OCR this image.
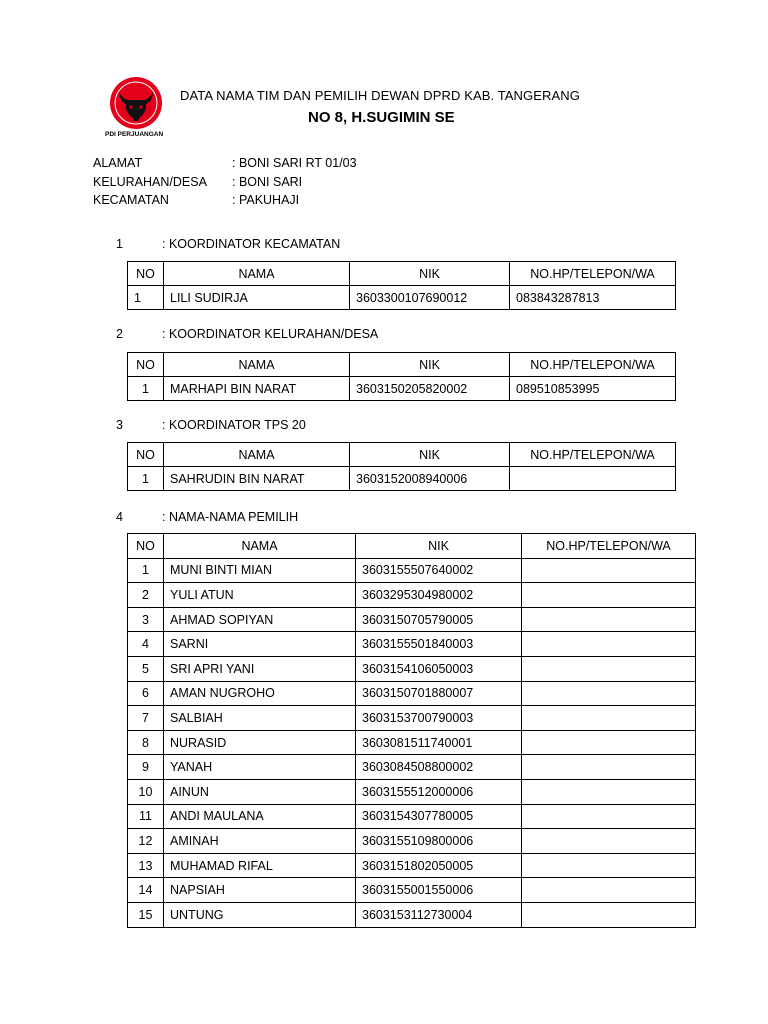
PDI PERJUANGAN
DATA NAMA TIM DAN PEMILIH DEWAN DPRD KAB. TANGERANG
NO 8, H.SUGIMIN SE
ALAMAT	: BONI SARI RT 01/03
KELURAHAN/DESA : BONI SARI
KECAMATAN	: PAKUHAJI
1	: KOORDINATOR KECAMATAN
NO	NAMA	NIK	NO.HP/TELEPON/WA
1	LILI SUDIRJA	3603300107690012	083843287813
2	: KOORDINATOR KELURAHAN/DESA
NO	NAMA	NIK	NO.HP/TELEPON/WA
1	MARHAPI BIN NARAT	3603150205820002	089510853995
3	: KOORDINATOR TPS 20
NO	NAMA	NIK	NO.HP/TELEPON/WA
1	SAHRUDIN BIN NARAT	3603152008940006	
4	: NAMA-NAMA PEMILIH
NO	NAMA	NIK	NO.HP/TELEPON/WA
1	MUNI BINTI MIAN	3603155507640002	
2	YULI ATUN	3603295304980002	
3	AHMAD SOPIYAN	3603150705790005	
4	SARNI	3603155501840003	
5	SRI APRI YANI	3603154106050003	
6	AMAN NUGROHO	3603150701880007	
7	SALBIAH	3603153700790003	
8	NURASID	3603081511740001	
9	YANAH	3603084508800002	
10	AINUN	3603155512000006	
11	ANDI MAULANA	3603154307780005	
12	AMINAH	3603155109800006	
13	MUHAMAD RIFAL	3603151802050005	
14	NAPSIAH	3603155001550006	
15	UNTUNG	3603153112730004	
